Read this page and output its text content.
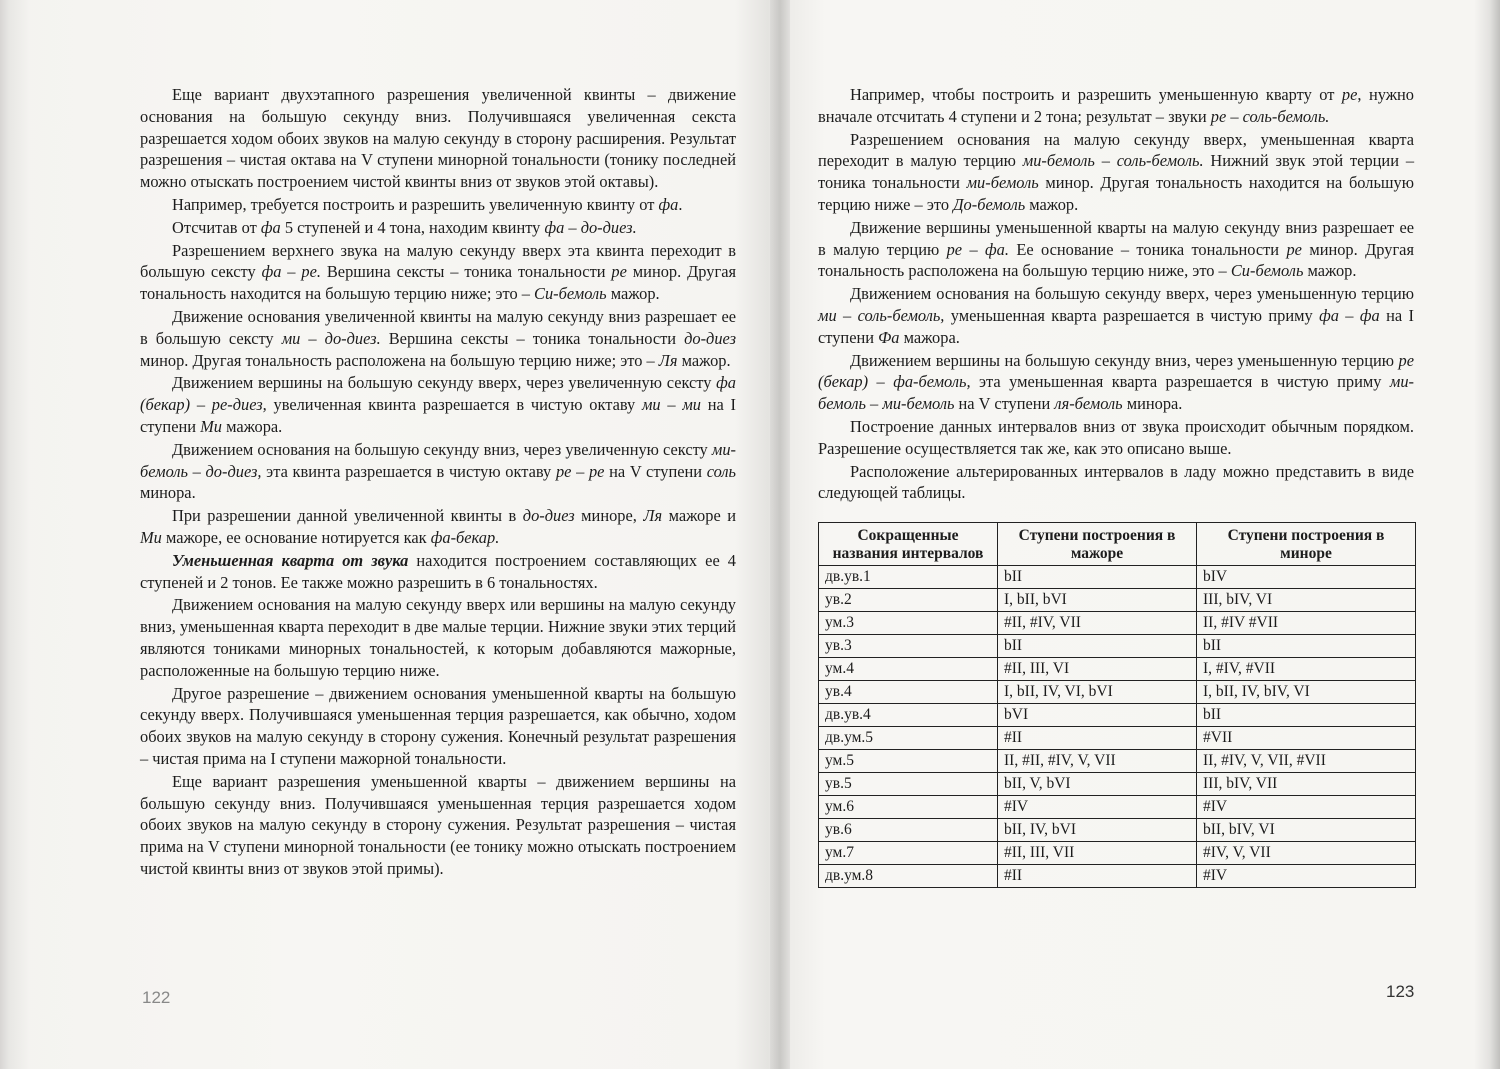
Еще вариант двухэтапного разрешения увеличенной квинты – движение основания на большую секунду вниз. Получившаяся увеличенная секста разрешается ходом обоих звуков на малую секунду в сторону расширения. Результат разрешения – чистая октава на V ступени минорной тональности (тонику последней можно отыскать построением чистой квинты вниз от звуков этой октавы).

Например, требуется построить и разрешить увеличенную квинту от фа.

Отсчитав от фа 5 ступеней и 4 тона, находим квинту фа – до-диез.

Разрешением верхнего звука на малую секунду вверх эта квинта переходит в большую сексту фа – ре. Вершина сексты – тоника тональности ре минор. Другая тональность находится на большую терцию ниже; это – Си-бемоль мажор.

Движение основания увеличенной квинты на малую секунду вниз разрешает ее в большую сексту ми – до-диез. Вершина сексты – тоника тональности до-диез минор. Другая тональность расположена на большую терцию ниже; это – Ля мажор.

Движением вершины на большую секунду вверх, через увеличенную сексту фа (бекар) – ре-диез, увеличенная квинта разрешается в чистую октаву ми – ми на I ступени Ми мажора.

Движением основания на большую секунду вниз, через увеличенную сексту ми-бемоль – до-диез, эта квинта разрешается в чистую октаву ре – ре на V ступени соль минора.

При разрешении данной увеличенной квинты в до-диез миноре, Ля мажоре и Ми мажоре, ее основание нотируется как фа-бекар.

Уменьшенная кварта от звука находится построением составляющих ее 4 ступеней и 2 тонов. Ее также можно разрешить в 6 тональностях.

Движением основания на малую секунду вверх или вершины на малую секунду вниз, уменьшенная кварта переходит в две малые терции. Нижние звуки этих терций являются тониками минорных тональностей, к которым добавляются мажорные, расположенные на большую терцию ниже.

Другое разрешение – движением основания уменьшенной кварты на большую секунду вверх. Получившаяся уменьшенная терция разрешается, как обычно, ходом обоих звуков на малую секунду в сторону сужения. Конечный результат разрешения – чистая прима на I ступени мажорной тональности.

Еще вариант разрешения уменьшенной кварты – движением вершины на большую секунду вниз. Получившаяся уменьшенная терция разрешается ходом обоих звуков на малую секунду в сторону сужения. Результат разрешения – чистая прима на V ступени минорной тональности (ее тонику можно отыскать построением чистой квинты вниз от звуков этой примы).

122

Например, чтобы построить и разрешить уменьшенную кварту от ре, нужно вначале отсчитать 4 ступени и 2 тона; результат – звуки ре – соль-бемоль.

Разрешением основания на малую секунду вверх, уменьшенная кварта переходит в малую терцию ми-бемоль – соль-бемоль. Нижний звук этой терции – тоника тональности ми-бемоль минор. Другая тональность находится на большую терцию ниже – это До-бемоль мажор.

Движение вершины уменьшенной кварты на малую секунду вниз разрешает ее в малую терцию ре – фа. Ее основание – тоника тональности ре минор. Другая тональность расположена на большую терцию ниже, это – Си-бемоль мажор.

Движением основания на большую секунду вверх, через уменьшенную терцию ми – соль-бемоль, уменьшенная кварта разрешается в чистую приму фа – фа на I ступени Фа мажора.

Движением вершины на большую секунду вниз, через уменьшенную терцию ре (бекар) – фа-бемоль, эта уменьшенная кварта разрешается в чистую приму ми-бемоль – ми-бемоль на V ступени ля-бемоль минора.

Построение данных интервалов вниз от звука происходит обычным порядком. Разрешение осуществляется так же, как это описано выше.

Расположение альтерированных интервалов в ладу можно представить в виде следующей таблицы.

Сокращенные названия интервалов	Ступени построения в мажоре	Ступени построения в миноре
дв.ув.1	bII	bIV
ув.2	I, bII, bVI	III, bIV, VI
ум.3	#II, #IV, VII	II, #IV #VII
ув.3	bII	bII
ум.4	#II, III, VI	I, #IV, #VII
ув.4	I, bII, IV, VI, bVI	I, bII, IV, bIV, VI
дв.ув.4	bVI	bII
дв.ум.5	#II	#VII
ум.5	II, #II, #IV, V, VII	II, #IV, V, VII, #VII
ув.5	bII, V, bVI	III, bIV, VII
ум.6	#IV	#IV
ув.6	bII, IV, bVI	bII, bIV, VI
ум.7	#II, III, VII	#IV, V, VII
дв.ум.8	#II	#IV
123
